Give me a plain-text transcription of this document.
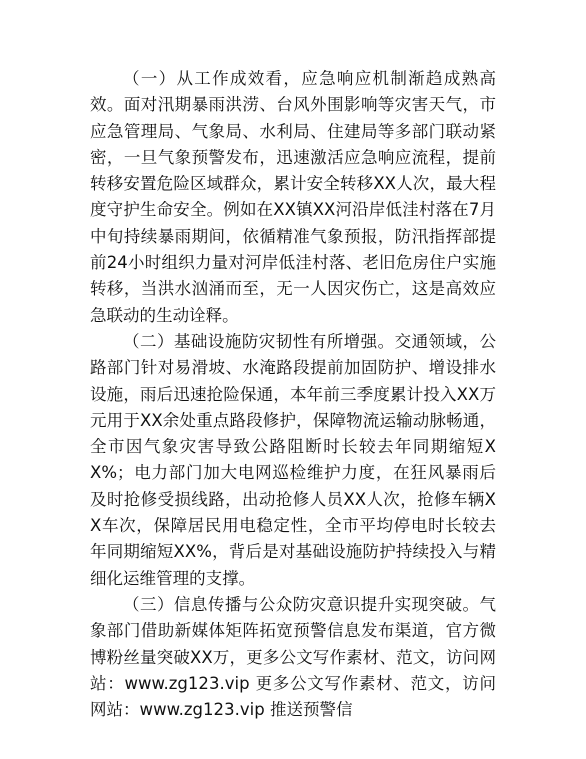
（一）从工作成效看，应急响应机制渐趋成熟高效。面对汛期暴雨洪涝、台风外围影响等灾害天气，市应急管理局、气象局、水利局、住建局等多部门联动紧密，一旦气象预警发布，迅速激活应急响应流程，提前转移安置危险区域群众，累计安全转移XX人次，最大程度守护生命安全。例如在XX镇XX河沿岸低洼村落在7月中旬持续暴雨期间，依循精准气象预报，防汛指挥部提前24小时组织力量对河岸低洼村落、老旧危房住户实施转移，当洪水汹涌而至，无一人因灾伤亡，这是高效应急联动的生动诠释。

（二）基础设施防灾韧性有所增强。交通领域，公路部门针对易滑坡、水淹路段提前加固防护、增设排水设施，雨后迅速抢险保通，本年前三季度累计投入XX万元用于XX余处重点路段修护，保障物流运输动脉畅通，全市因气象灾害导致公路阻断时长较去年同期缩短XX%；电力部门加大电网巡检维护力度，在狂风暴雨后及时抢修受损线路，出动抢修人员XX人次，抢修车辆XX车次，保障居民用电稳定性，全市平均停电时长较去年同期缩短XX%，背后是对基础设施防护持续投入与精细化运维管理的支撑。

（三）信息传播与公众防灾意识提升实现突破。气象部门借助新媒体矩阵拓宽预警信息发布渠道，官方微博粉丝量突破XX万，更多公文写作素材、范文，访问网站：www.zg123.vip 更多公文写作素材、范文，访问网站：www.zg123.vip 推送预警信
